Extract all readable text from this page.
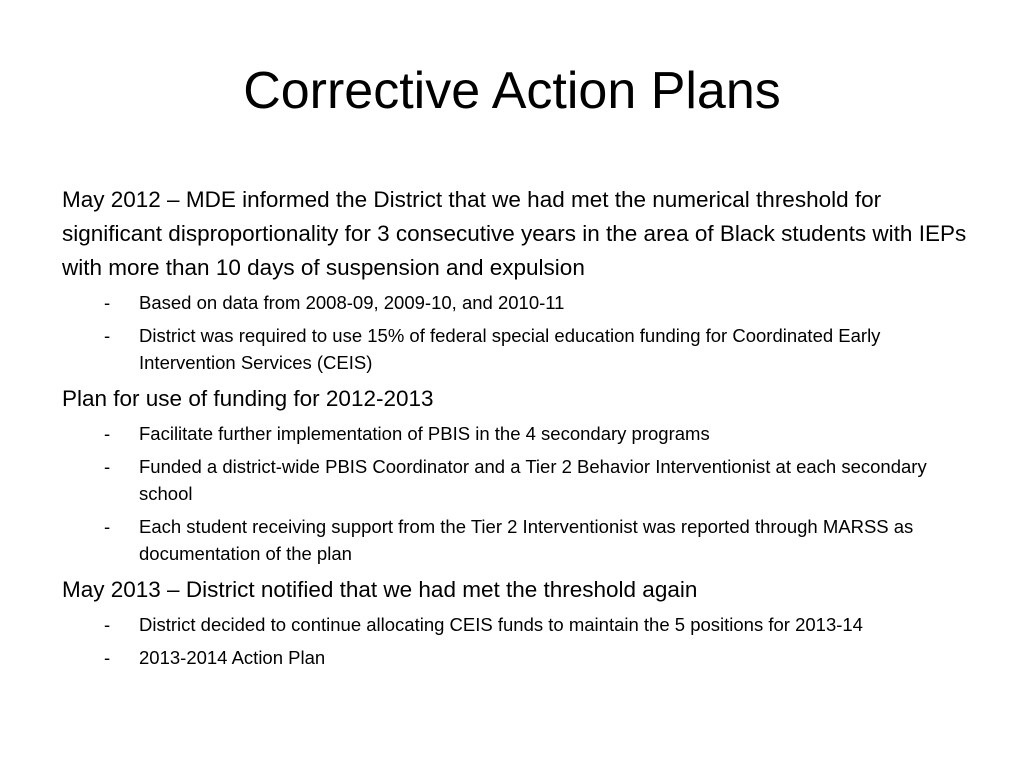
Corrective Action Plans

May 2012 – MDE informed the District that we had met the numerical threshold for significant disproportionality for 3 consecutive years in the area of Black students with IEPs with more than 10 days of suspension and expulsion

- Based on data from 2008-09, 2009-10, and 2010-11
- District was required to use 15% of federal special education funding for Coordinated Early Intervention Services (CEIS)

Plan for use of funding for 2012-2013

- Facilitate further implementation of PBIS in the 4 secondary programs
- Funded a district-wide PBIS Coordinator and a Tier 2 Behavior Interventionist at each secondary school
- Each student receiving support from the Tier 2 Interventionist was reported through MARSS as documentation of the plan

May 2013 – District notified that we had met the threshold again

- District decided to continue allocating CEIS funds to maintain the 5 positions for 2013-14
- 2013-2014 Action Plan
